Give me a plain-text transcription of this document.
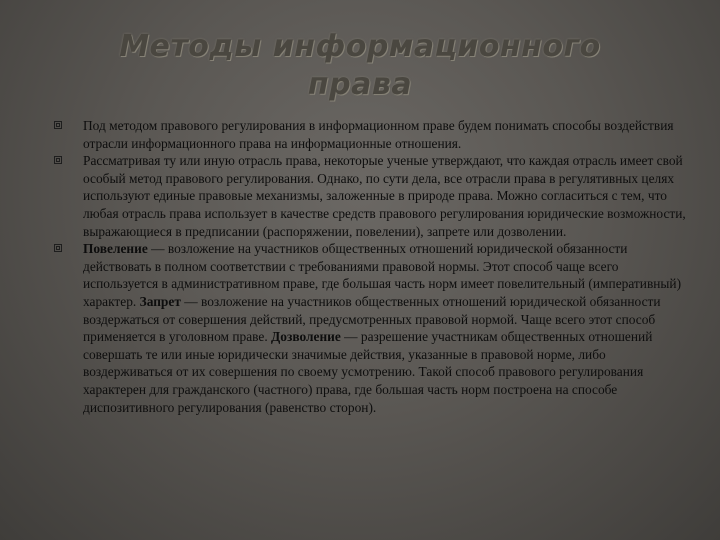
Методы информационного
права
Под методом правового регулирования в информационном праве будем понимать способы воздействия отрасли информационного права на информационные отношения.
Рассматривая ту или иную отрасль права, некоторые ученые утверждают, что каждая отрасль имеет свой особый метод правового регулирования. Однако, по сути дела, все отрасли права в регулятивных целях используют единые правовые механизмы, заложенные в природе права. Можно согласиться с тем, что любая отрасль права использует в качестве средств правового регулирования юридические возможности, выражающиеся в предписании (распоряжении, повелении), запрете или дозволении.
Повеление — возложение на участников общественных отношений юридической обязанности действовать в полном соответствии с требованиями правовой нормы. Этот способ чаще всего используется в административном праве, где большая часть норм имеет повелительный (императивный) характер. Запрет — возложение на участников общественных отношений юридической обязанности воздержаться от совершения действий, предусмотренных правовой нормой. Чаще всего этот способ применяется в уголовном праве. Дозволение — разрешение участникам общественных отношений совершать те или иные юридически значимые действия, указанные в правовой норме, либо воздерживаться от их совершения по своему усмотрению. Такой способ правового регулирования характерен для гражданского (частного) права, где большая часть норм построена на способе диспозитивного регулирования (равенство сторон).
